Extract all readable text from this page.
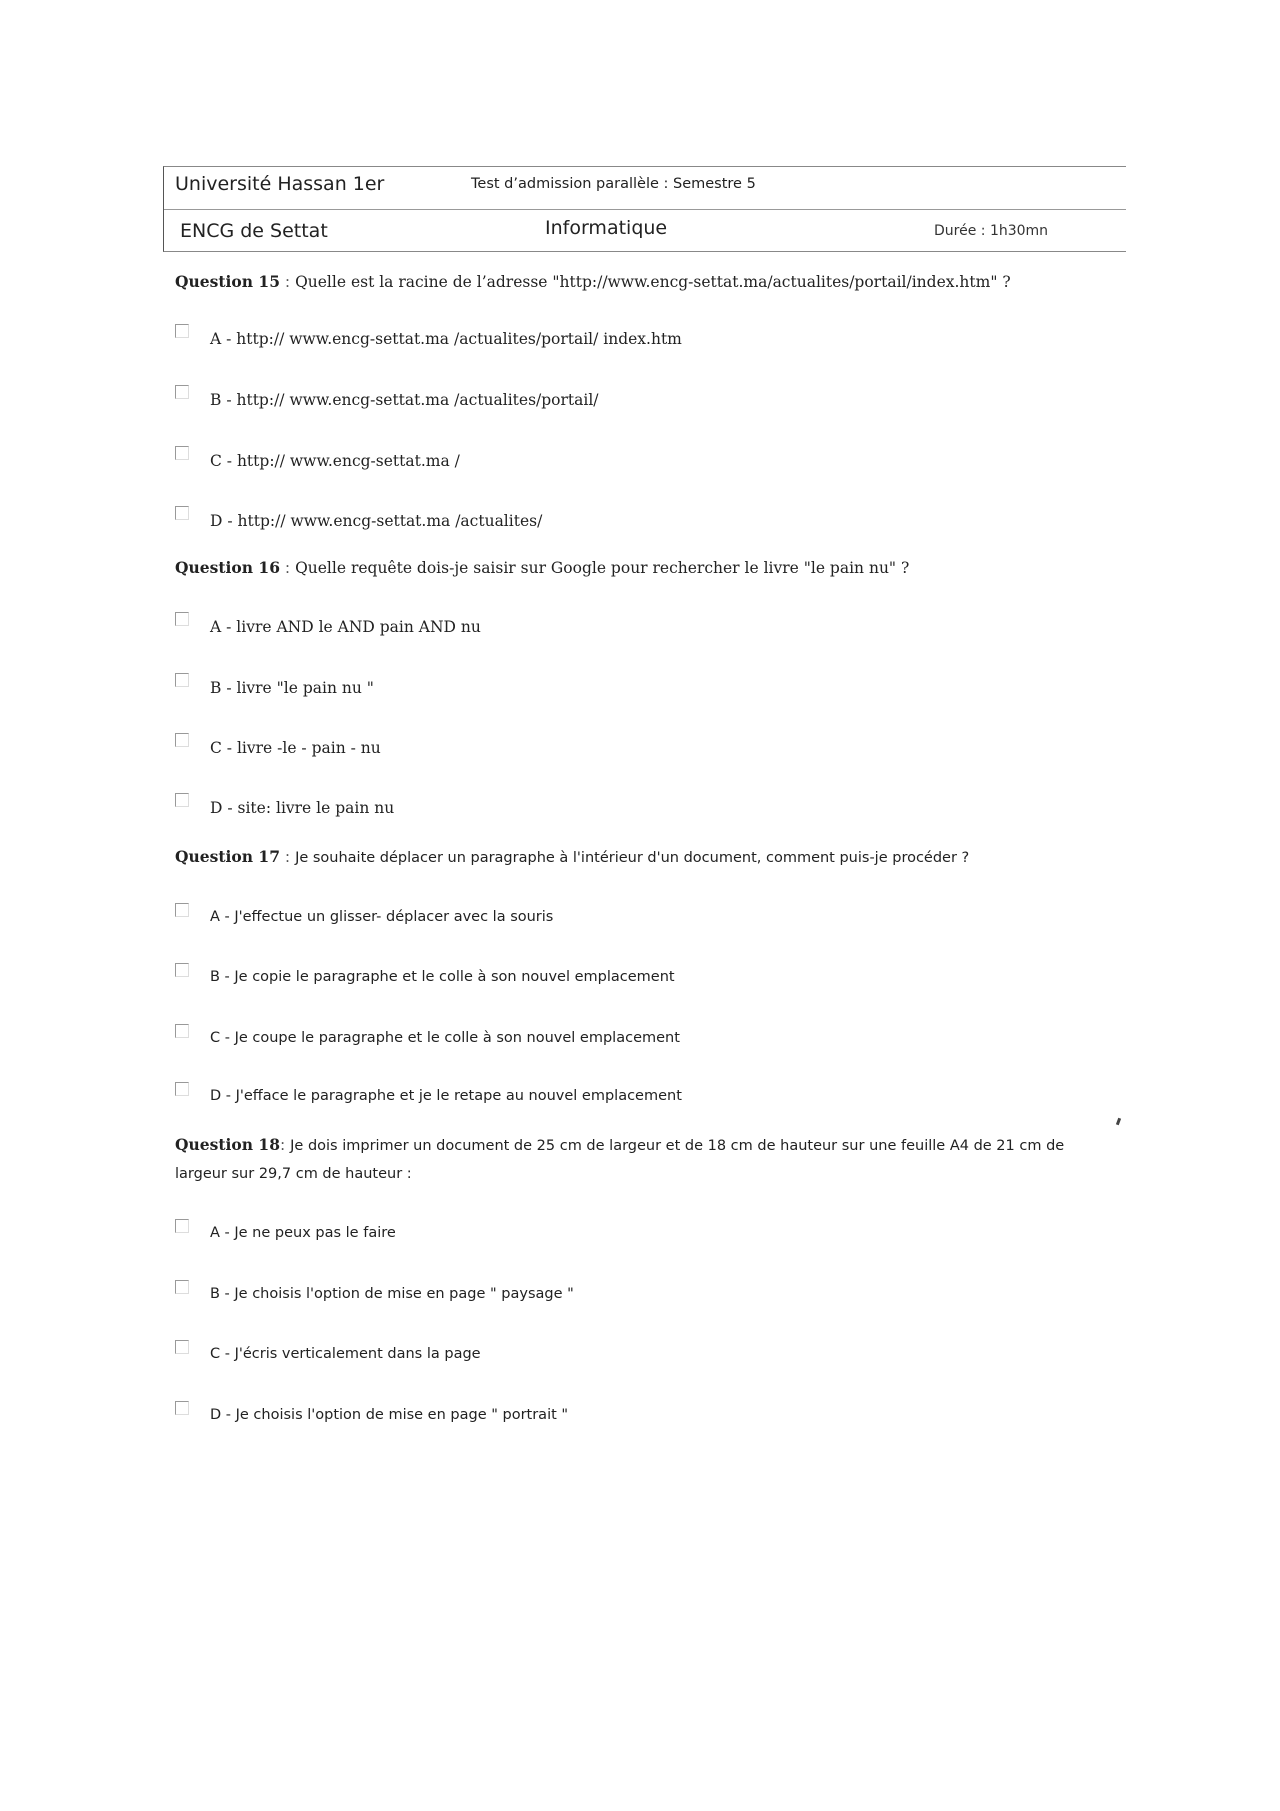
Université Hassan 1er	Test d’admission parallèle : Semestre 5
ENCG de Settat	Informatique	Durée : 1h30mn
Question 15 : Quelle est la racine de l’adresse "http://www.encg-settat.ma/actualites/portail/index.htm" ?
A - http:// www.encg-settat.ma /actualites/portail/ index.htm
B - http:// www.encg-settat.ma /actualites/portail/
C - http:// www.encg-settat.ma /
D - http:// www.encg-settat.ma /actualites/
Question 16 : Quelle requête dois-je saisir sur Google pour rechercher le livre "le pain nu" ?
A - livre AND le AND pain AND nu
B - livre "le pain nu "
C - livre -le - pain - nu
D - site: livre le pain nu
Question 17 : Je souhaite déplacer un paragraphe à l'intérieur d'un document, comment puis-je procéder ?
A - J'effectue un glisser- déplacer avec la souris
B - Je copie le paragraphe et le colle à son nouvel emplacement
C - Je coupe le paragraphe et le colle à son nouvel emplacement
D - J'efface le paragraphe et je le retape au nouvel emplacement
Question 18: Je dois imprimer un document de 25 cm de largeur et de 18 cm de hauteur sur une feuille A4 de 21 cm de largeur sur 29,7 cm de hauteur :
A - Je ne peux pas le faire
B - Je choisis l'option de mise en page " paysage "
C - J'écris verticalement dans la page
D - Je choisis l'option de mise en page " portrait "
